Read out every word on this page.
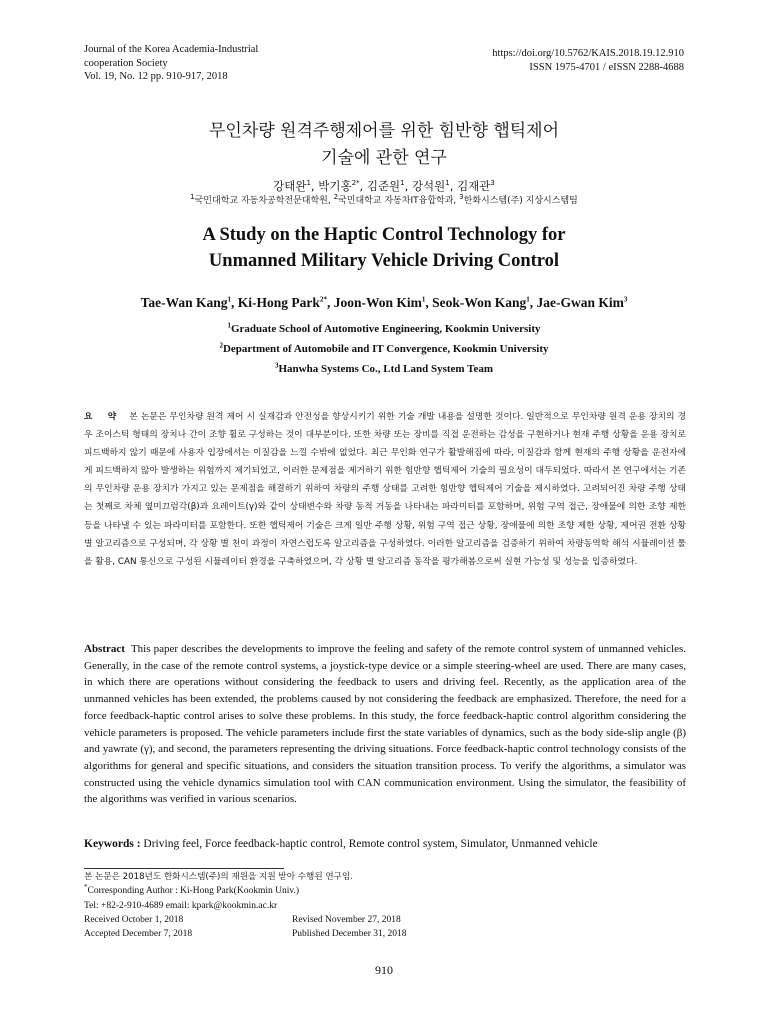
Journal of the Korea Academia-Industrial
cooperation Society
Vol. 19, No. 12 pp. 910-917, 2018
https://doi.org/10.5762/KAIS.2018.19.12.910
ISSN 1975-4701 / eISSN 2288-4688
무인차량 원격주행제어를 위한 힘반향 햅틱제어
기술에 관한 연구
강태완$^1$, 박기홍$^{2*}$, 김준원$^1$, 강석원$^1$, 김재관$^3$
$^1$국민대학교 자동차공학전문대학원, $^2$국민대학교 자동차IT융합학과, $^3$한화시스템(주) 지상시스템팀
A Study on the Haptic Control Technology for
Unmanned Military Vehicle Driving Control
Tae-Wan Kang$^1$, Ki-Hong Park$^{2*}$, Joon-Won Kim$^1$, Seok-Won Kang$^1$, Jae-Gwan Kim$^3$
$^1$Graduate School of Automotive Engineering, Kookmin University
$^2$Department of Automobile and IT Convergence, Kookmin University
$^3$Hanwha Systems Co., Ltd Land System Team
요 약 본 논문은 무인차량 원격 제어 시 실재감과 안전성을 향상시키기 위한 기술 개발 내용을 설명한 것이다. 일반적으로 무인차량 원격 운용 장치의 경우 조이스틱 형태의 장치나 간이 조향 휠로 구성하는 것이 대부분이다. 또한 차량 또는 장비를 직접 운전하는 감성을 구현하거나 현재 주행 상황을 운용 장치로 피드백하지 않기 때문에 사용자 입장에서는 이질감을 느낄 수밖에 없었다. 최근 무인화 연구가 활발해짐에 따라, 이질감과 함께 현재의 주행 상황을 운전자에게 피드백하지 않아 발생하는 위험까지 제기되었고, 이러한 문제점을 제거하기 위한 힘반향 햅틱제어 기술의 필요성이 대두되었다. 따라서 본 연구에서는 기존의 무인차량 운용 장치가 가지고 있는 문제점을 해결하기 위하여 차량의 주행 상태를 고려한 힘반향 햅틱제어 기술을 제시하였다. 고려되어진 차량 주행 상태는 첫째로 차체 옆미끄럼각(β)과 요레이트(γ)와 같이 상태변수와 차량 동적 거동을 나타내는 파라미터를 포함하며, 위험 구역 접근, 장애물에 의한 조향 제한 등을 나타낼 수 있는 파라미터를 포함한다. 또한 햅틱제어 기술은 크게 일반 주행 상황, 위험 구역 접근 상황, 장애물에 의한 조향 제한 상황, 제어권 전환 상황 별 알고리즘으로 구성되며, 각 상황 별 천이 과정이 자연스럽도록 알고리즘을 구성하였다. 이러한 알고리즘을 검증하기 위하여 차량동역학 해석 시뮬레이션 툴을 활용, CAN 통신으로 구성된 시뮬레이터 환경을 구축하였으며, 각 상황 별 알고리즘 동작을 평가해봄으로써 실현 가능성 및 성능을 입증하였다.
Abstract This paper describes the developments to improve the feeling and safety of the remote control system of unmanned vehicles. Generally, in the case of the remote control systems, a joystick-type device or a simple steering-wheel are used. There are many cases, in which there are operations without considering the feedback to users and driving feel. Recently, as the application area of the unmanned vehicles has been extended, the problems caused by not considering the feedback are emphasized. Therefore, the need for a force feedback-haptic control arises to solve these problems. In this study, the force feedback-haptic control algorithm considering the vehicle parameters is proposed. The vehicle parameters include first the state variables of dynamics, such as the body side-slip angle (β) and yawrate (γ), and second, the parameters representing the driving situations. Force feedback-haptic control technology consists of the algorithms for general and specific situations, and considers the situation transition process. To verify the algorithms, a simulator was constructed using the vehicle dynamics simulation tool with CAN communication environment. Using the simulator, the feasibility of the algorithms was verified in various scenarios.
Keywords : Driving feel, Force feedback-haptic control, Remote control system, Simulator, Unmanned vehicle
본 논문은 2018년도 한화시스템(주)의 재원을 지원 받아 수행된 연구임.
*Corresponding Author : Ki-Hong Park(Kookmin Univ.)
Tel: +82-2-910-4689 email: kpark@kookmin.ac.kr
Received October 1, 2018	Revised November 27, 2018
Accepted December 7, 2018	Published December 31, 2018
910
